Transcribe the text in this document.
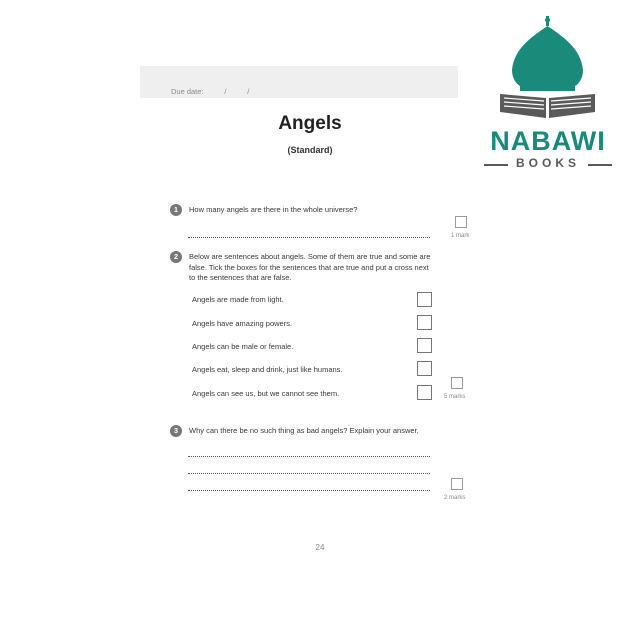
Due date:          /          /
Angels
(Standard)
1	How many angels are there in the whole universe?
1 mark
2	Below are sentences about angels. Some of them are true and some are false. Tick the boxes for the sentences that are true and put a cross next to the sentences that are false.
Angels are made from light.
Angels have amazing powers.
Angels can be male or female.
Angels eat, sleep and drink, just like humans.
Angels can see us, but we cannot see them.	5 marks
3	Why can there be no such thing as bad angels? Explain your answer,
2 marks
24
NABAWI
BOOKS
